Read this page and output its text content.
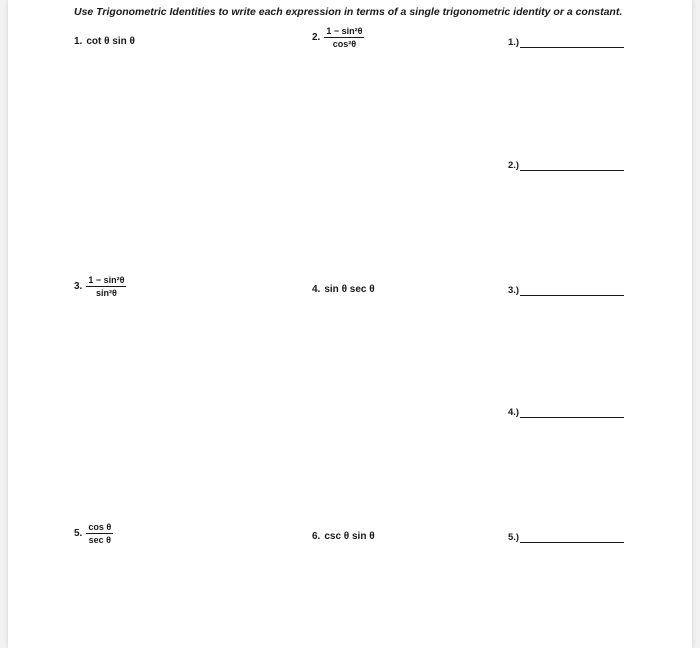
Use Trigonometric Identities to write each expression in terms of a single trigonometric identity or a constant.
1. cot θ sin θ	2. $\frac{\text{1 − sin²θ}}{\text{cos²θ}}$
3. $\frac{\text{1 − sin²θ}}{\text{sin²θ}}$	4. sin θ sec θ
5. $\frac{\text{cos θ}}{\text{sec θ}}$	6. csc θ sin θ
1.)
2.)
3.)
4.)
5.)
